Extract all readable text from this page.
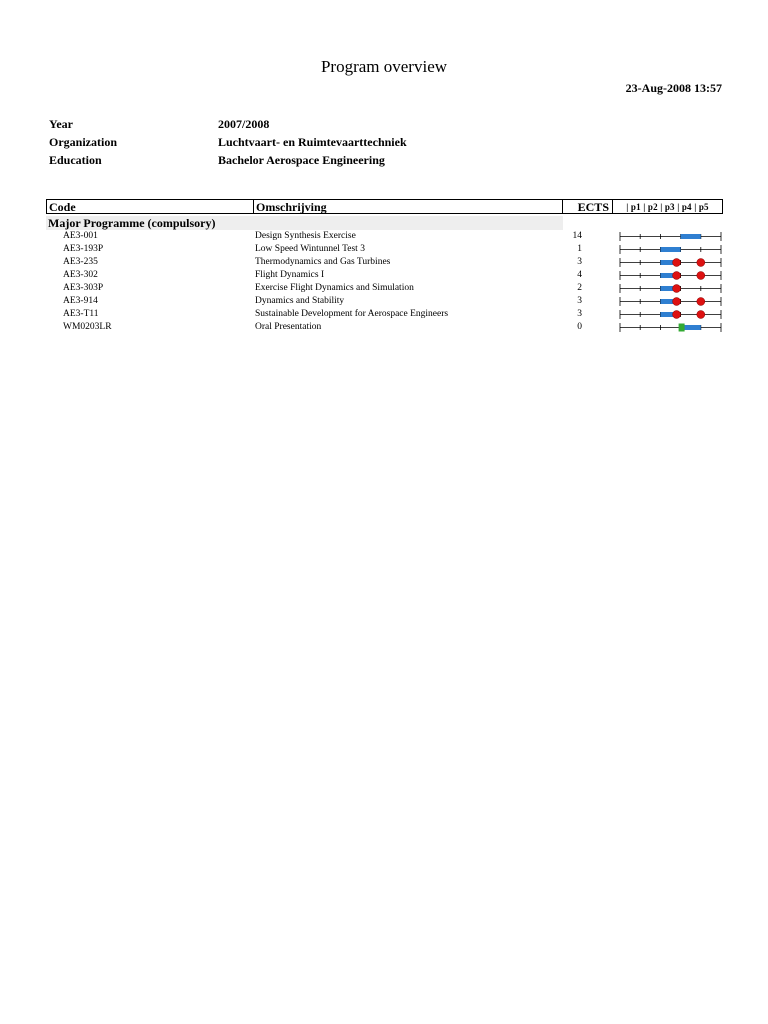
Program overview
23-Aug-2008 13:57
Year	2007/2008
Organization	Luchtvaart- en Ruimtevaarttechniek
Education	Bachelor Aerospace Engineering
Code	Omschrijving	ECTS	| p1 | p2 | p3 | p4 | p5
Major Programme (compulsory)
AE3-001	Design Synthesis Exercise	14
AE3-193P	Low Speed Wintunnel Test 3	1
AE3-235	Thermodynamics and Gas Turbines	3
AE3-302	Flight Dynamics I	4
AE3-303P	Exercise Flight Dynamics and Simulation	2
AE3-914	Dynamics and Stability	3
AE3-T11	Sustainable Development for Aerospace Engineers	3
WM0203LR	Oral Presentation	0
